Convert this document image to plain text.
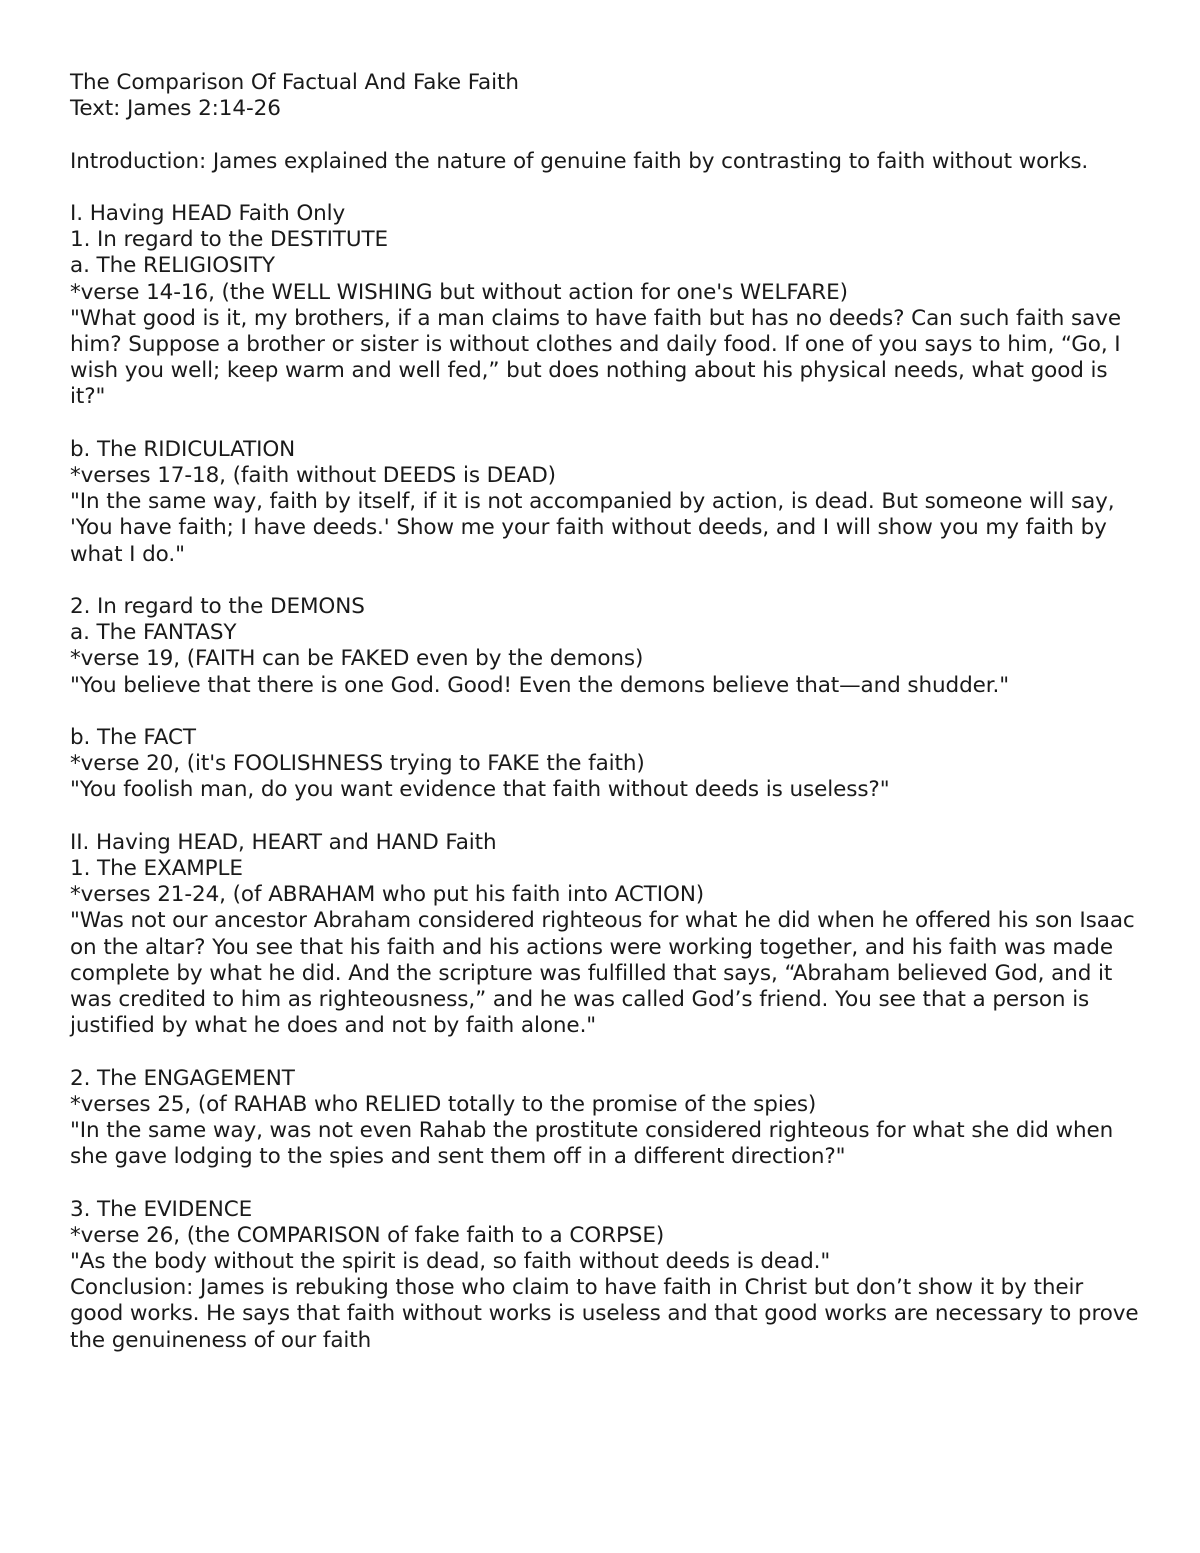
The Comparison Of Factual And Fake Faith
Text: James 2:14-26

Introduction: James explained the nature of genuine faith by contrasting to faith without works.

I. Having HEAD Faith Only
1. In regard to the DESTITUTE
a. The RELIGIOSITY
*verse 14-16, (the WELL WISHING but without action for one's WELFARE)

"What good is it, my brothers, if a man claims to have faith but has no deeds? Can such faith save him? Suppose a brother or sister is without clothes and daily food. If one of you says to him, “Go, I wish you well; keep warm and well fed,” but does nothing about his physical needs, what good is it?"

b. The RIDICULATION
*verses 17-18, (faith without DEEDS is DEAD)

"In the same way, faith by itself, if it is not accompanied by action, is dead. But someone will say, 'You have faith; I have deeds.' Show me your faith without deeds, and I will show you my faith by what I do."

2. In regard to the DEMONS
a. The FANTASY
*verse 19, (FAITH can be FAKED even by the demons)

"You believe that there is one God. Good! Even the demons believe that—and shudder."

b. The FACT
*verse 20, (it's FOOLISHNESS trying to FAKE the faith)

"You foolish man, do you want evidence that faith without deeds is useless?"

II. Having HEAD, HEART and HAND Faith
1. The EXAMPLE
*verses 21-24, (of ABRAHAM who put his faith into ACTION)

"Was not our ancestor Abraham considered righteous for what he did when he offered his son Isaac on the altar? You see that his faith and his actions were working together, and his faith was made complete by what he did. And the scripture was fulfilled that says, “Abraham believed God, and it was credited to him as righteousness,” and he was called God’s friend. You see that a person is justified by what he does and not by faith alone."

2. The ENGAGEMENT
*verses 25, (of RAHAB who RELIED totally to the promise of the spies)

"In the same way, was not even Rahab the prostitute considered righteous for what she did when she gave lodging to the spies and sent them off in a different direction?"

3. The EVIDENCE
*verse 26, (the COMPARISON of fake faith to a CORPSE)

"As the body without the spirit is dead, so faith without deeds is dead."

Conclusion: James is rebuking those who claim to have faith in Christ but don’t show it by their good works. He says that faith without works is useless and that good works are necessary to prove the genuineness of our faith
